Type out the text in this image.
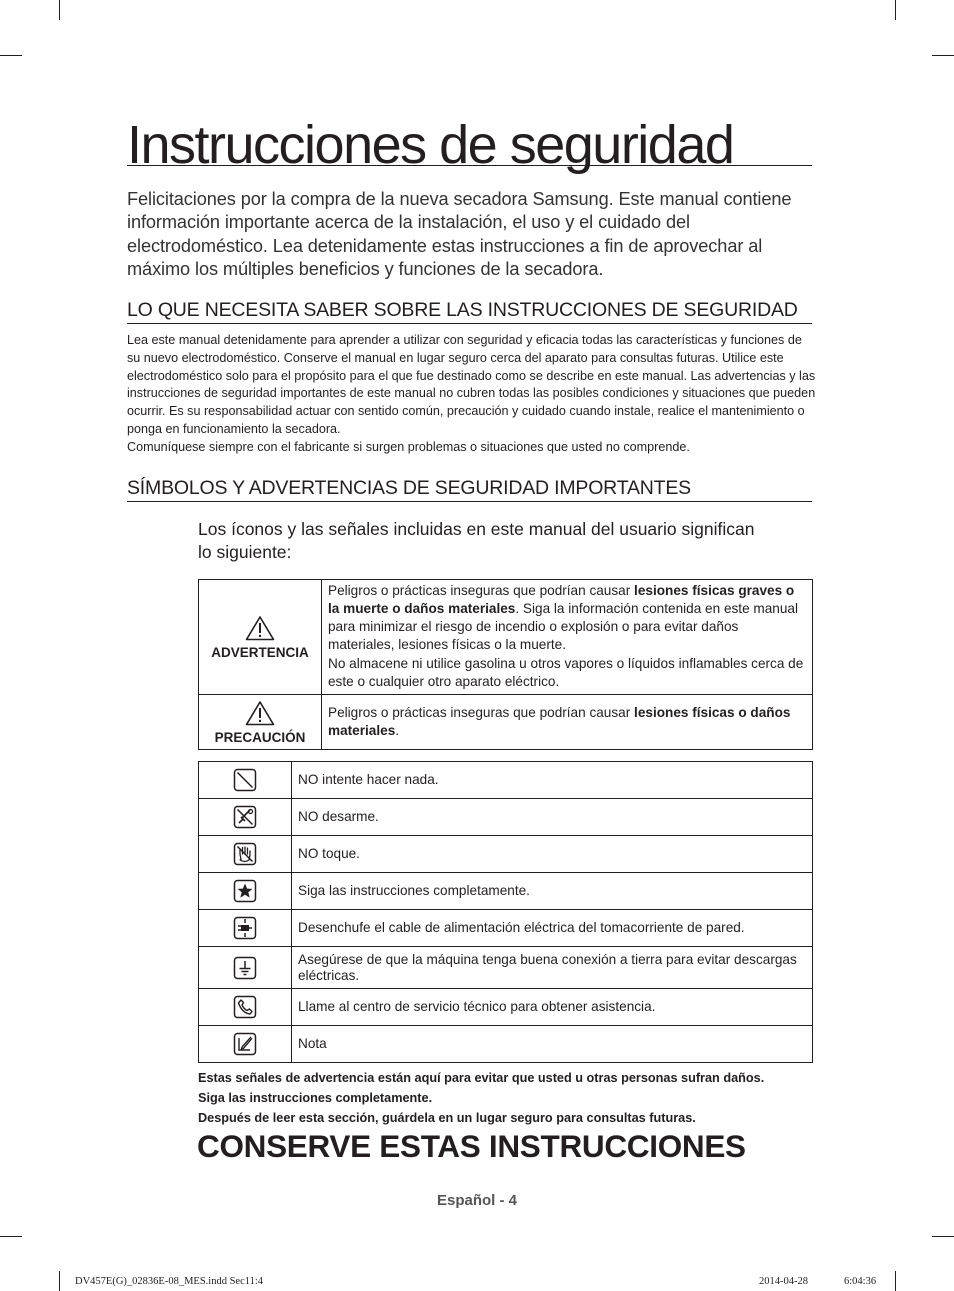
Instrucciones de seguridad
Felicitaciones por la compra de la nueva secadora Samsung. Este manual contiene información importante acerca de la instalación, el uso y el cuidado del electrodoméstico. Lea detenidamente estas instrucciones a fin de aprovechar al máximo los múltiples beneficios y funciones de la secadora.
LO QUE NECESITA SABER SOBRE LAS INSTRUCCIONES DE SEGURIDAD

Lea este manual detenidamente para aprender a utilizar con seguridad y eficacia todas las características y funciones de su nuevo electrodoméstico. Conserve el manual en lugar seguro cerca del aparato para consultas futuras. Utilice este electrodoméstico solo para el propósito para el que fue destinado como se describe en este manual. Las advertencias y las instrucciones de seguridad importantes de este manual no cubren todas las posibles condiciones y situaciones que pueden ocurrir. Es su responsabilidad actuar con sentido común, precaución y cuidado cuando instale, realice el mantenimiento o ponga en funcionamiento la secadora.

Comuníquese siempre con el fabricante si surgen problemas o situaciones que usted no comprende.

SÍMBOLOS Y ADVERTENCIAS DE SEGURIDAD IMPORTANTES
Los íconos y las señales incluidas en este manual del usuario significan lo siguiente:
ADVERTENCIA	Peligros o prácticas inseguras que podrían causar lesiones físicas graves o la muerte o daños materiales. Siga la información contenida en este manual para minimizar el riesgo de incendio o explosión o para evitar daños materiales, lesiones físicas o la muerte.

No almacene ni utilice gasolina u otros vapores o líquidos inflamables cerca de este o cualquier otro aparato eléctrico.

PRECAUCIÓN	Peligros o prácticas inseguras que podrían causar lesiones físicas o daños materiales.

	NO intente hacer nada.

	NO desarme.

	NO toque.

	Siga las instrucciones completamente.

	Desenchufe el cable de alimentación eléctrica del tomacorriente de pared.

	Asegúrese de que la máquina tenga buena conexión a tierra para evitar descargas eléctricas.

	Llame al centro de servicio técnico para obtener asistencia.

	Nota

Estas señales de advertencia están aquí para evitar que usted u otras personas sufran daños.

Siga las instrucciones completamente.

Después de leer esta sección, guárdela en un lugar seguro para consultas futuras.

CONSERVE ESTAS INSTRUCCIONES
Español - 4
DV457E(G)_02836E-08_MES.indd Sec11:4	2014-04-28	6:04:36
